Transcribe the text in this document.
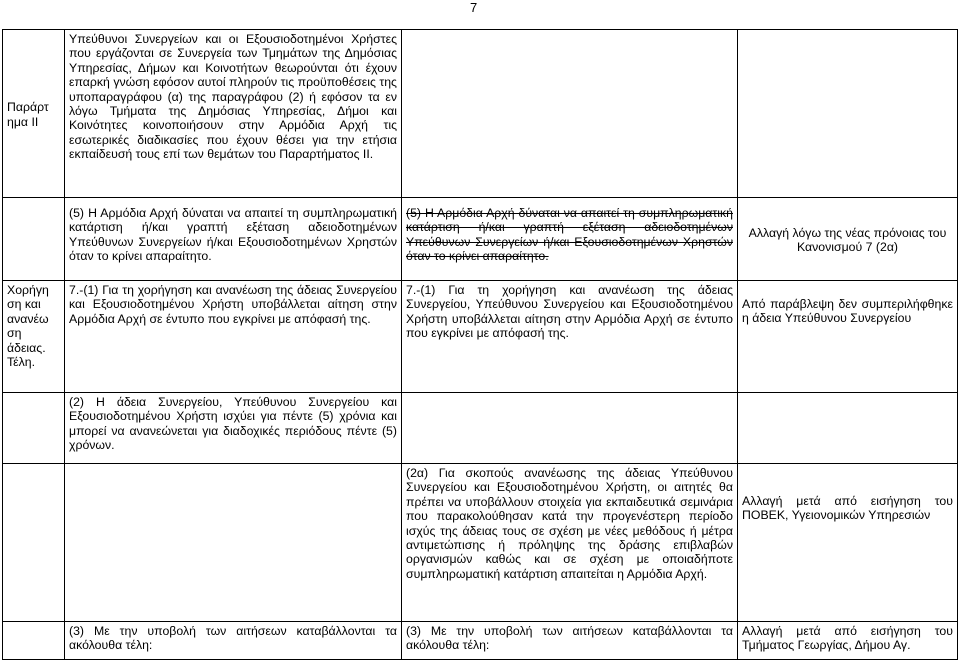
7
Παράρτ ημα ΙΙ	Υπεύθυνοι Συνεργείων και οι Εξουσιοδοτημένοι Χρήστες που εργάζονται σε Συνεργεία των Τμημάτων της Δημόσιας Υπηρεσίας, Δήμων και Κοινοτήτων θεωρούνται ότι έχουν επαρκή γνώση εφόσον αυτοί πληρούν τις προϋποθέσεις της υποπαραγράφου (α) της παραγράφου (2) ή εφόσον τα εν λόγω Τμήματα της Δημόσιας Υπηρεσίας, Δήμοι και Κοινότητες κοινοποιήσουν στην Αρμόδια Αρχή τις εσωτερικές διαδικασίες που έχουν θέσει για την ετήσια εκπαίδευσή τους επί των θεμάτων του Παραρτήματος ΙΙ.		

	(5) Η Αρμόδια Αρχή δύναται να απαιτεί τη συμπληρωματική κατάρτιση ή/και γραπτή εξέταση αδειοδοτημένων Υπεύθυνων Συνεργείων ή/και Εξουσιοδοτημένων Χρηστών όταν το κρίνει απαραίτητο.	(5) Η Αρμόδια Αρχή δύναται να απαιτεί τη συμπληρωματική κατάρτιση ή/και γραπτή εξέταση αδειοδοτημένων Υπεύθυνων Συνεργείων ή/και Εξουσιοδοτημένων Χρηστών όταν το κρίνει απαραίτητο.	Αλλαγή λόγω της νέας πρόνοιας του Κανονισμού 7 (2α)

Χορήγη ση και ανανέω ση άδειας. Τέλη.	7.-(1) Για τη χορήγηση και ανανέωση της άδειας Συνεργείου και Εξουσιοδοτημένου Χρήστη υποβάλλεται αίτηση στην Αρμόδια Αρχή σε έντυπο που εγκρίνει με απόφασή της.	7.-(1) Για τη χορήγηση και ανανέωση της άδειας Συνεργείου, Υπεύθυνου Συνεργείου και Εξουσιοδοτημένου Χρήστη υποβάλλεται αίτηση στην Αρμόδια Αρχή σε έντυπο που εγκρίνει με απόφασή της.	Από παράβλεψη δεν συμπεριλήφθηκε η άδεια Υπεύθυνου Συνεργείου

	(2) Η άδεια Συνεργείου, Υπεύθυνου Συνεργείου και Εξουσιοδοτημένου Χρήστη ισχύει για πέντε (5) χρόνια και μπορεί να ανανεώνεται για διαδοχικές περιόδους πέντε (5) χρόνων.		

		(2α) Για σκοπούς ανανέωσης της άδειας Υπεύθυνου Συνεργείου και Εξουσιοδοτημένου Χρήστη, οι αιτητές θα πρέπει να υποβάλλουν στοιχεία για εκπαιδευτικά σεμινάρια που παρακολούθησαν κατά την προγενέστερη περίοδο ισχύς της άδειας τους σε σχέση με νέες μεθόδους ή μέτρα αντιμετώπισης ή πρόληψης της δράσης επιβλαβών οργανισμών καθώς και σε σχέση με οποιαδήποτε συμπληρωματική κατάρτιση απαιτείται η Αρμόδια Αρχή.	Αλλαγή μετά από εισήγηση του ΠΟΒΕΚ, Υγειονομικών Υπηρεσιών

	(3) Με την υποβολή των αιτήσεων καταβάλλονται τα ακόλουθα τέλη:	(3) Με την υποβολή των αιτήσεων καταβάλλονται τα ακόλουθα τέλη:	Αλλαγή μετά από εισήγηση του Τμήματος Γεωργίας, Δήμου Αγ.
